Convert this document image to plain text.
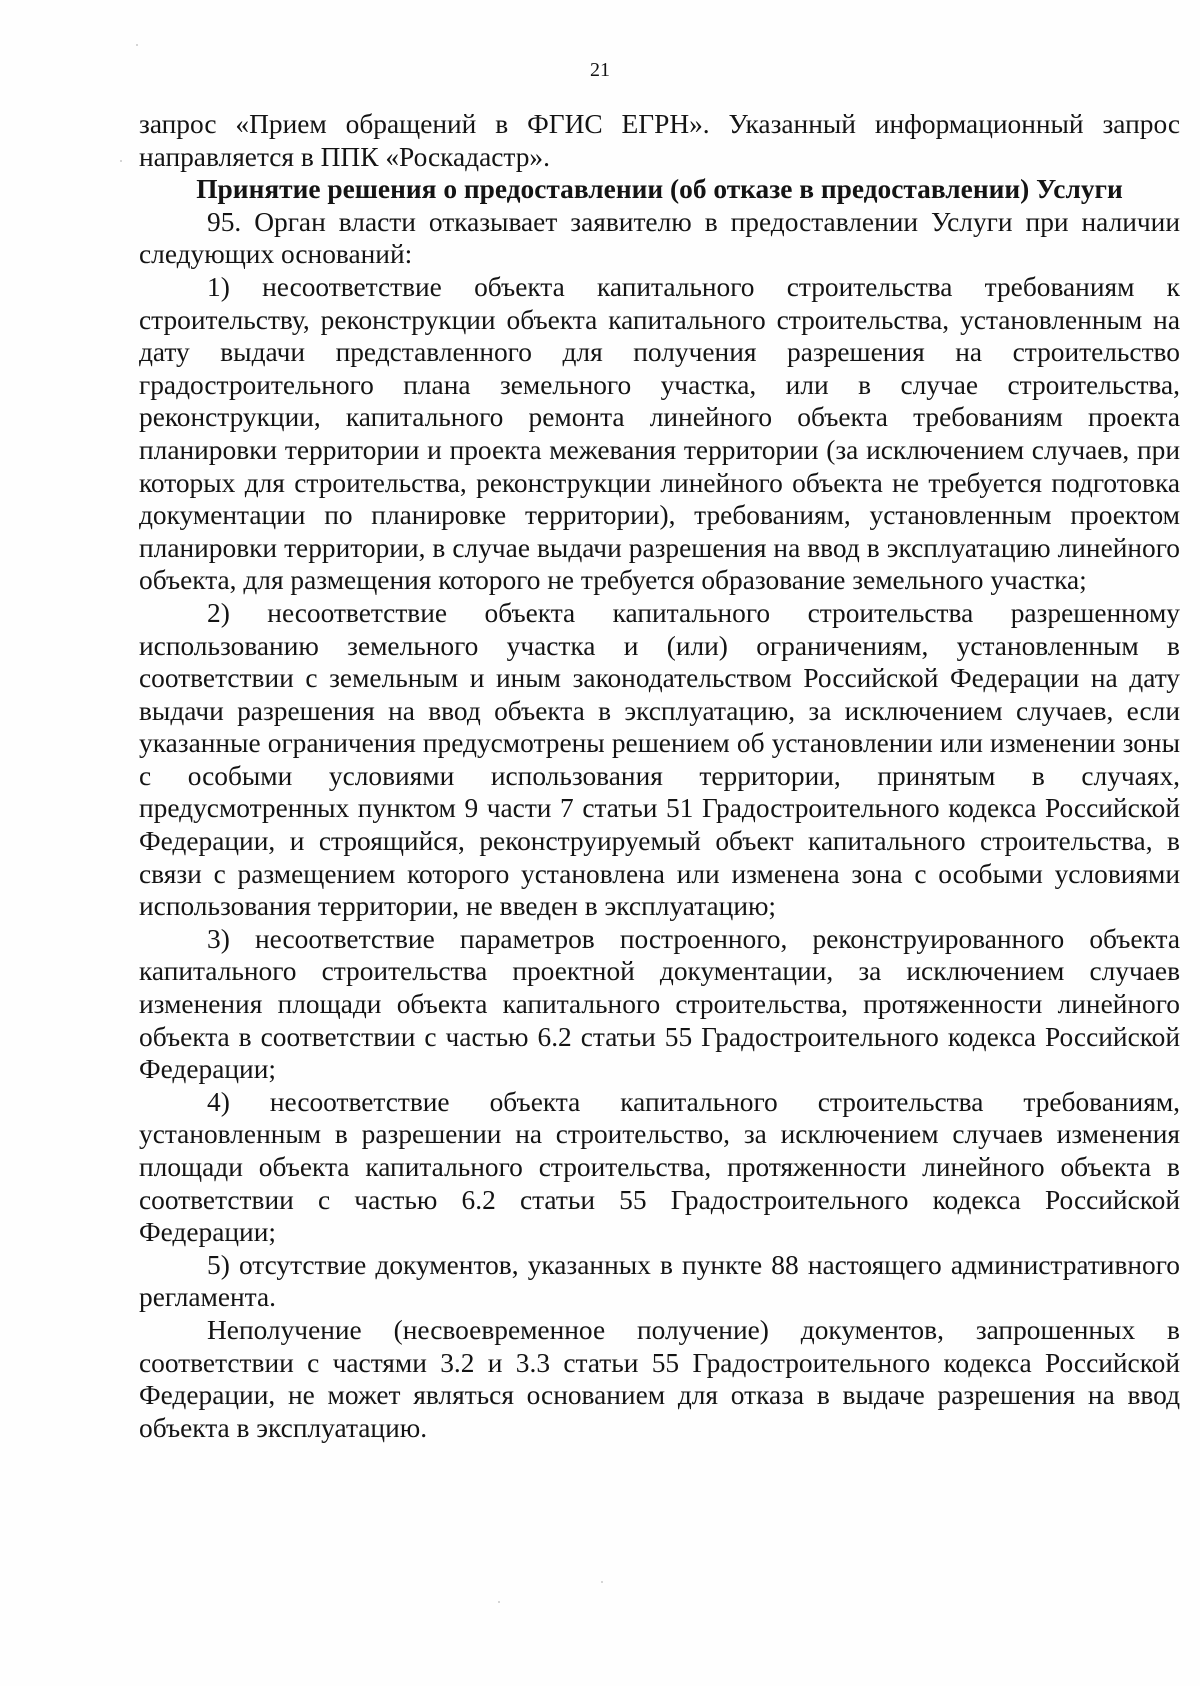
21

запрос «Прием обращений в ФГИС ЕГРН». Указанный информационный запрос направляется в ППК «Роскадастр».

Принятие решения о предоставлении (об отказе в предоставлении) Услуги

95. Орган власти отказывает заявителю в предоставлении Услуги при наличии следующих оснований:

1) несоответствие объекта капитального строительства требованиям к строительству, реконструкции объекта капитального строительства, установленным на дату выдачи представленного для получения разрешения на строительство градостроительного плана земельного участка, или в случае строительства, реконструкции, капитального ремонта линейного объекта требованиям проекта планировки территории и проекта межевания территории (за исключением случаев, при которых для строительства, реконструкции линейного объекта не требуется подготовка документации по планировке территории), требованиям, установленным проектом планировки территории, в случае выдачи разрешения на ввод в эксплуатацию линейного объекта, для размещения которого не требуется образование земельного участка;

2) несоответствие объекта капитального строительства разрешенному использованию земельного участка и (или) ограничениям, установленным в соответствии с земельным и иным законодательством Российской Федерации на дату выдачи разрешения на ввод объекта в эксплуатацию, за исключением случаев, если указанные ограничения предусмотрены решением об установлении или изменении зоны с особыми условиями использования территории, принятым в случаях, предусмотренных пунктом 9 части 7 статьи 51 Градостроительного кодекса Российской Федерации, и строящийся, реконструируемый объект капитального строительства, в связи с размещением которого установлена или изменена зона с особыми условиями использования территории, не введен в эксплуатацию;

3) несоответствие параметров построенного, реконструированного объекта капитального строительства проектной документации, за исключением случаев изменения площади объекта капитального строительства, протяженности линейного объекта в соответствии с частью 6.2 статьи 55 Градостроительного кодекса Российской Федерации;

4) несоответствие объекта капитального строительства требованиям, установленным в разрешении на строительство, за исключением случаев изменения площади объекта капитального строительства, протяженности линейного объекта в соответствии с частью 6.2 статьи 55 Градостроительного кодекса Российской Федерации;

5) отсутствие документов, указанных в пункте 88 настоящего административного регламента.

Неполучение (несвоевременное получение) документов, запрошенных в соответствии с частями 3.2 и 3.3 статьи 55 Градостроительного кодекса Российской Федерации, не может являться основанием для отказа в выдаче разрешения на ввод объекта в эксплуатацию.
